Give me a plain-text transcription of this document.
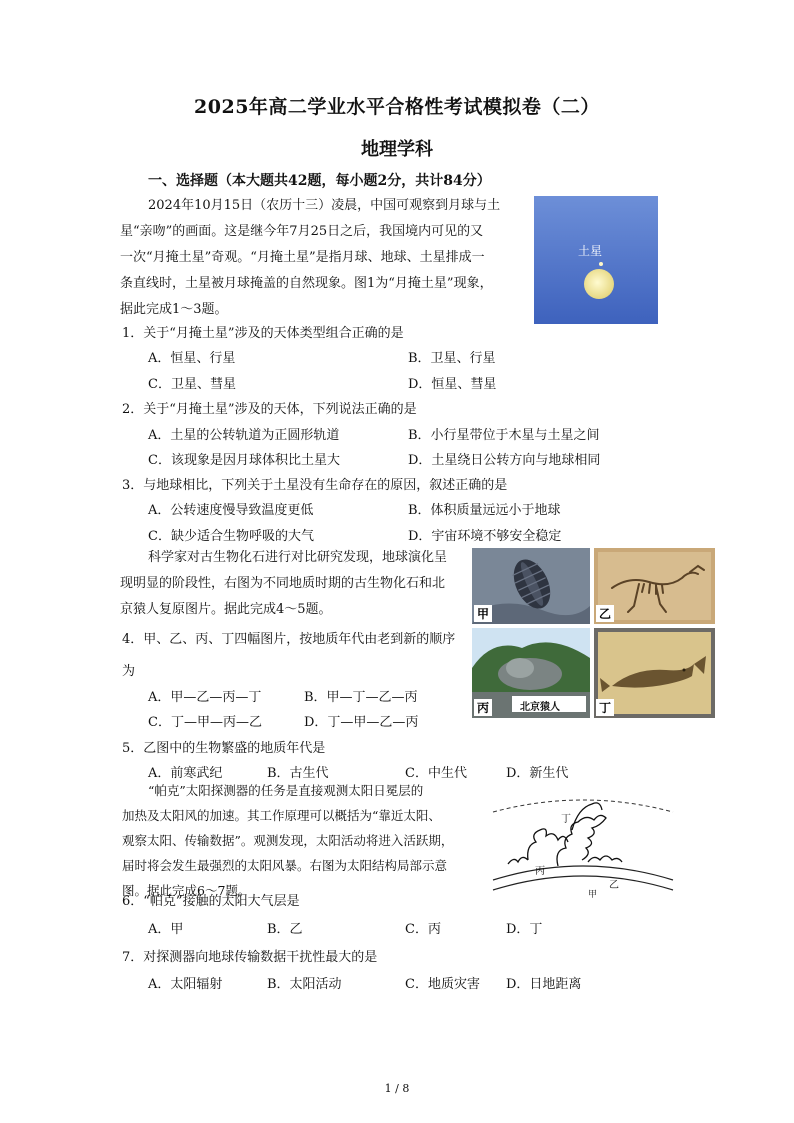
2025年高二学业水平合格性考试模拟卷（二）
地理学科
一、选择题（本大题共42题，每小题2分，共计84分）
2024年10月15日（农历十三）凌晨，中国可观察到月球与土
星“亲吻”的画面。这是继今年7月25日之后，我国境内可见的又
一次“月掩土星”奇观。“月掩土星”是指月球、地球、土星排成一
条直线时，土星被月球掩盖的自然现象。图1为“月掩土星”现象，
据此完成1～3题。
土星
1．关于“月掩土星”涉及的天体类型组合正确的是
A．恒星、行星	B．卫星、行星
C．卫星、彗星	D．恒星、彗星
2．关于“月掩土星”涉及的天体，下列说法正确的是
A．土星的公转轨道为正圆形轨道	B．小行星带位于木星与土星之间
C．该现象是因月球体积比土星大	D．土星绕日公转方向与地球相同
3．与地球相比，下列关于土星没有生命存在的原因，叙述正确的是
A．公转速度慢导致温度更低	B．体积质量远远小于地球
C．缺少适合生物呼吸的大气	D．宇宙环境不够安全稳定
科学家对古生物化石进行对比研究发现，地球演化呈
现明显的阶段性，右图为不同地质时期的古生物化石和北
京猿人复原图片。据此完成4～5题。	甲	乙
北京猿人
丙	丁
4．甲、乙、丙、丁四幅图片，按地质年代由老到新的顺序
为
A．甲—乙—丙—丁	B．甲—丁—乙—丙
C．丁—甲—丙—乙	D．丁—甲—乙—丙
5．乙图中的生物繁盛的地质年代是
A．前寒武纪	B．古生代	C．中生代	D．新生代
“帕克”太阳探测器的任务是直接观测太阳日冕层的
加热及太阳风的加速。其工作原理可以概括为“靠近太阳、
观察太阳、传输数据”。观测发现，太阳活动将进入活跃期，
届时将会发生最强烈的太阳风暴。右图为太阳结构局部示意
图。据此完成6～7题。
丁
丙
乙
甲
6．“帕克”接触的太阳大气层是
A．甲	B．乙	C．丙	D．丁
7．对探测器向地球传输数据干扰性最大的是
A．太阳辐射	B．太阳活动	C．地质灾害 D．日地距离
1 / 8
